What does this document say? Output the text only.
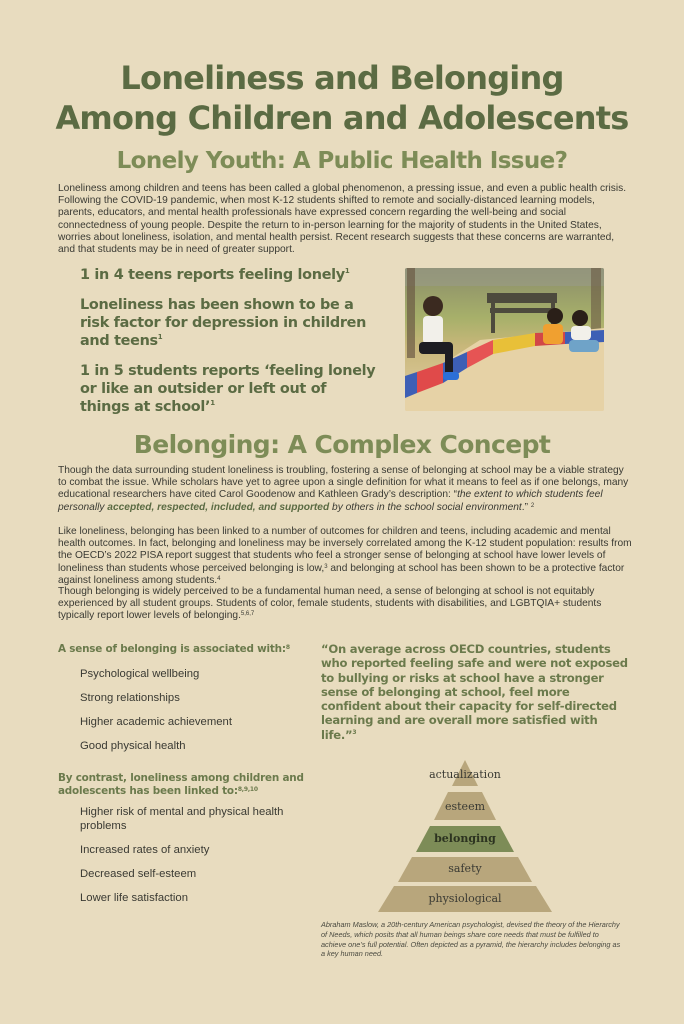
Loneliness and Belonging
Among Children and Adolescents
Lonely Youth: A Public Health Issue?

Loneliness among children and teens has been called a global phenomenon, a pressing issue, and even a public health crisis. Following the COVID-19 pandemic, when most K-12 students shifted to remote and socially-distanced learning models, parents, educators, and mental health professionals have expressed concern regarding the well-being and social connectedness of young people. Despite the return to in-person learning for the majority of students in the United States, worries about loneliness, isolation, and mental health persist. Recent research suggests that these concerns are warranted, and that students may be in need of greater support.

1 in 4 teens reports feeling lonely$^1$
Loneliness has been shown to be a risk factor for depression in children and teens$^1$
1 in 5 students reports ‘feeling lonely or like an outsider or left out of things at school’$^1$
Belonging: A Complex Concept

Though the data surrounding student loneliness is troubling, fostering a sense of belonging at school may be a viable strategy to combat the issue. While scholars have yet to agree upon a single definition for what it means to feel as if one belongs, many educational researchers have cited Carol Goodenow and Kathleen Grady’s description: “the extent to which students feel personally accepted, respected, included, and supported by others in the school social environment.” $^2$

Like loneliness, belonging has been linked to a number of outcomes for children and teens, including academic and mental health outcomes. In fact, belonging and loneliness may be inversely correlated among the K-12 student population: results from the OECD’s 2022 PISA report suggest that students who feel a stronger sense of belonging at school have lower levels of loneliness than students whose perceived belonging is low,$^3$ and belonging at school has been shown to be a protective factor against loneliness among students.$^4$

Though belonging is widely perceived to be a fundamental human need, a sense of belonging at school is not equitably experienced by all student groups. Students of color, female students, students with disabilities, and LGBTQIA+ students typically report lower levels of belonging.$^{5,6,7}$

A sense of belonging is associated with:$^8$
Psychological wellbeing
Strong relationships
Higher academic achievement
Good physical health
By contrast, loneliness among children and adolescents has been linked to:$^{8,9,10}$
Higher risk of mental and physical health problems
Increased rates of anxiety
Decreased self-esteem
Lower life satisfaction
“On average across OECD countries, students who reported feeling safe and were not exposed to bullying or risks at school have a stronger sense of belonging at school, feel more confident about their capacity for self-directed learning and are overall more satisfied with life.”$^3$
actualization
esteem
belonging
safety
physiological
Abraham Maslow, a 20th-century American psychologist, devised the theory of the Hierarchy of Needs, which posits that all human beings share core needs that must be fulfilled to achieve one’s full potential. Often depicted as a pyramid, the hierarchy includes belonging as a key human need.
